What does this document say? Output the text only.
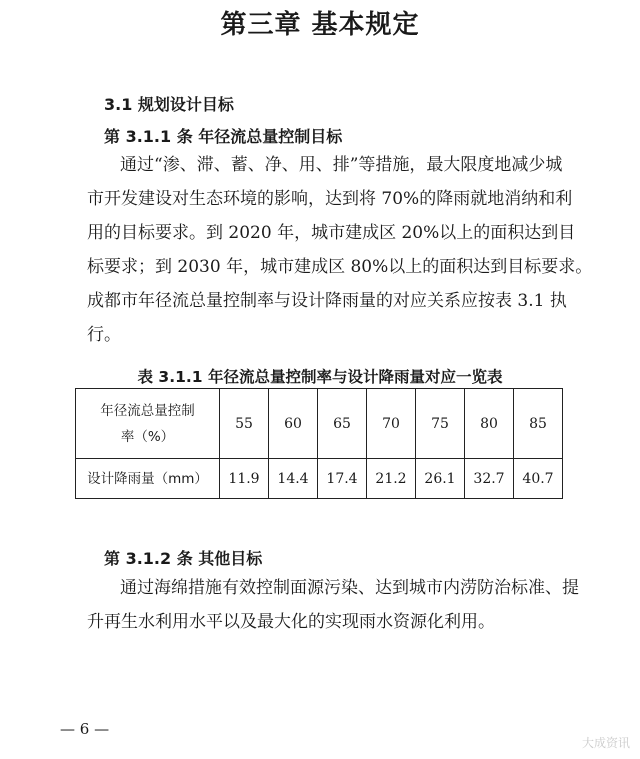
第三章 基本规定
3.1 规划设计目标
第 3.1.1 条 年径流总量控制目标
通过“渗、滞、蓄、净、用、排”等措施，最大限度地减少城
市开发建设对生态环境的影响，达到将 70%的降雨就地消纳和利
用的目标要求。到 2020 年，城市建成区 20%以上的面积达到目
标要求；到 2030 年，城市建成区 80%以上的面积达到目标要求。
成都市年径流总量控制率与设计降雨量的对应关系应按表 3.1 执
行。
表 3.1.1 年径流总量控制率与设计降雨量对应一览表
年径流总量控制
率（%）	55	60	65	70	75	80	85
设计降雨量（mm）	11.9	14.4	17.4	21.2	26.1	32.7	40.7
第 3.1.2 条 其他目标
通过海绵措施有效控制面源污染、达到城市内涝防治标准、提
升再生水利用水平以及最大化的实现雨水资源化利用。
— 6 —
大成资讯
